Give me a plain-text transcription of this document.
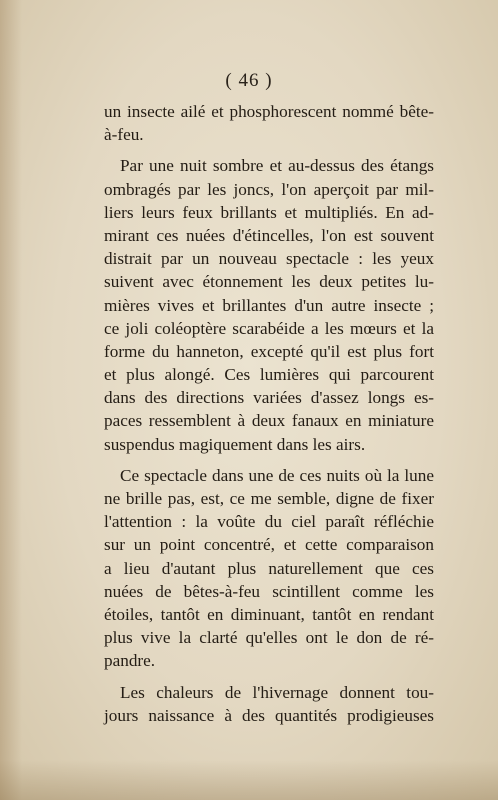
( 46 )
un insecte ailé et phosphorescent nommé bête-
à-feu.
Par une nuit sombre et au-dessus des étangs
ombragés par les joncs, l'on aperçoit par mil-
liers leurs feux brillants et multipliés. En ad-
mirant ces nuées d'étincelles, l'on est souvent
distrait par un nouveau spectacle : les yeux
suivent avec étonnement les deux petites lu-
mières vives et brillantes d'un autre insecte ;
ce joli coléoptère scarabéide a les mœurs et la
forme du hanneton, excepté qu'il est plus fort
et plus alongé. Ces lumières qui parcourent
dans des directions variées d'assez longs es-
paces ressemblent à deux fanaux en miniature
suspendus magiquement dans les airs.
Ce spectacle dans une de ces nuits où la lune
ne brille pas, est, ce me semble, digne de fixer
l'attention : la voûte du ciel paraît réfléchie
sur un point concentré, et cette comparaison
a lieu d'autant plus naturellement que ces
nuées de bêtes-à-feu scintillent comme les
étoiles, tantôt en diminuant, tantôt en rendant
plus vive la clarté qu'elles ont le don de ré-
pandre.
Les chaleurs de l'hivernage donnent tou-
jours naissance à des quantités prodigieuses
